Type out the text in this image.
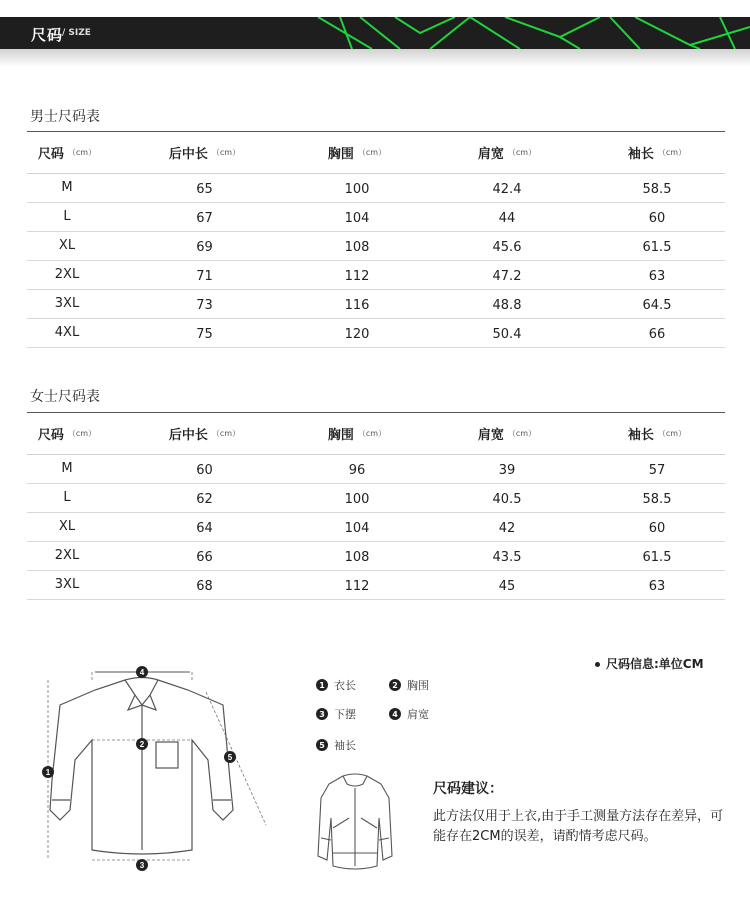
尺码
/ SIZE
男士尺码表
尺码 （cm）	后中长 （cm）	胸围 （cm）	肩宽 （cm）	袖长 （cm）
M	65	100	42.4	58.5
L	67	104	44	60
XL	69	108	45.6	61.5
2XL	71	112	47.2	63
3XL	73	116	48.8	64.5
4XL	75	120	50.4	66
女士尺码表
尺码 （cm）	后中长 （cm）	胸围 （cm）	肩宽 （cm）	袖长 （cm）
M	60	96	39	57
L	62	100	40.5	58.5
XL	64	104	42	60
2XL	66	108	43.5	61.5
3XL	68	112	45	63
4
2
1
5
3
1 衣长	2 胸围
3 下摆	4 肩宽
5 袖长
尺码信息:单位CM
尺码建议：
此方法仅用于上衣,由于手工测量方法存在差异，可能存在2CM的误差，请酌情考虑尺码。
